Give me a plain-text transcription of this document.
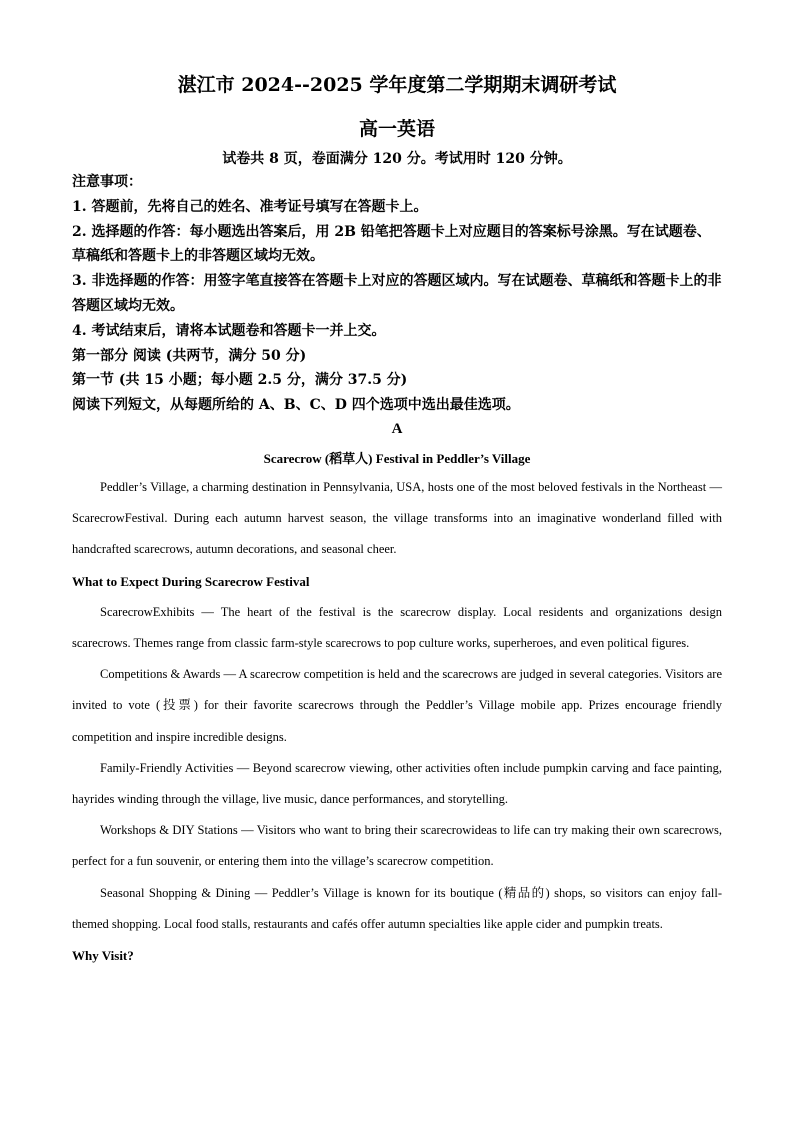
湛江市 2024--2025 学年度第二学期期末调研考试
高一英语
试卷共 8 页，卷面满分 120 分。考试用时 120 分钟。
注意事项：
1. 答题前，先将自己的姓名、准考证号填写在答题卡上。
2. 选择题的作答：每小题选出答案后，用 2B 铅笔把答题卡上对应题目的答案标号涂黑。写在试题卷、草稿纸和答题卡上的非答题区域均无效。
3. 非选择题的作答：用签字笔直接答在答题卡上对应的答题区域内。写在试题卷、草稿纸和答题卡上的非答题区域均无效。
4. 考试结束后，请将本试题卷和答题卡一并上交。
第一部分 阅读 (共两节，满分 50 分)
第一节 (共 15 小题；每小题 2.5 分，满分 37.5 分)
阅读下列短文，从每题所给的 A、B、C、D 四个选项中选出最佳选项。
A
Scarecrow (稻草人) Festival in Peddler’s Village

Peddler’s Village, a charming destination in Pennsylvania, USA, hosts one of the most beloved festivals in the Northeast — ScarecrowFestival. During each autumn harvest season, the village transforms into an imaginative wonderland filled with handcrafted scarecrows, autumn decorations, and seasonal cheer.

What to Expect During Scarecrow Festival

ScarecrowExhibits — The heart of the festival is the scarecrow display. Local residents and organizations design scarecrows. Themes range from classic farm-style scarecrows to pop culture works, superheroes, and even political figures.

Competitions & Awards — A scarecrow competition is held and the scarecrows are judged in several categories. Visitors are invited to vote (投票) for their favorite scarecrows through the Peddler’s Village mobile app. Prizes encourage friendly competition and inspire incredible designs.

Family-Friendly Activities — Beyond scarecrow viewing, other activities often include pumpkin carving and face painting, hayrides winding through the village, live music, dance performances, and storytelling.

Workshops & DIY Stations — Visitors who want to bring their scarecrowideas to life can try making their own scarecrows, perfect for a fun souvenir, or entering them into the village’s scarecrow competition.

Seasonal Shopping & Dining — Peddler’s Village is known for its boutique (精品的) shops, so visitors can enjoy fall-themed shopping. Local food stalls, restaurants and cafés offer autumn specialties like apple cider and pumpkin treats.

Why Visit?
